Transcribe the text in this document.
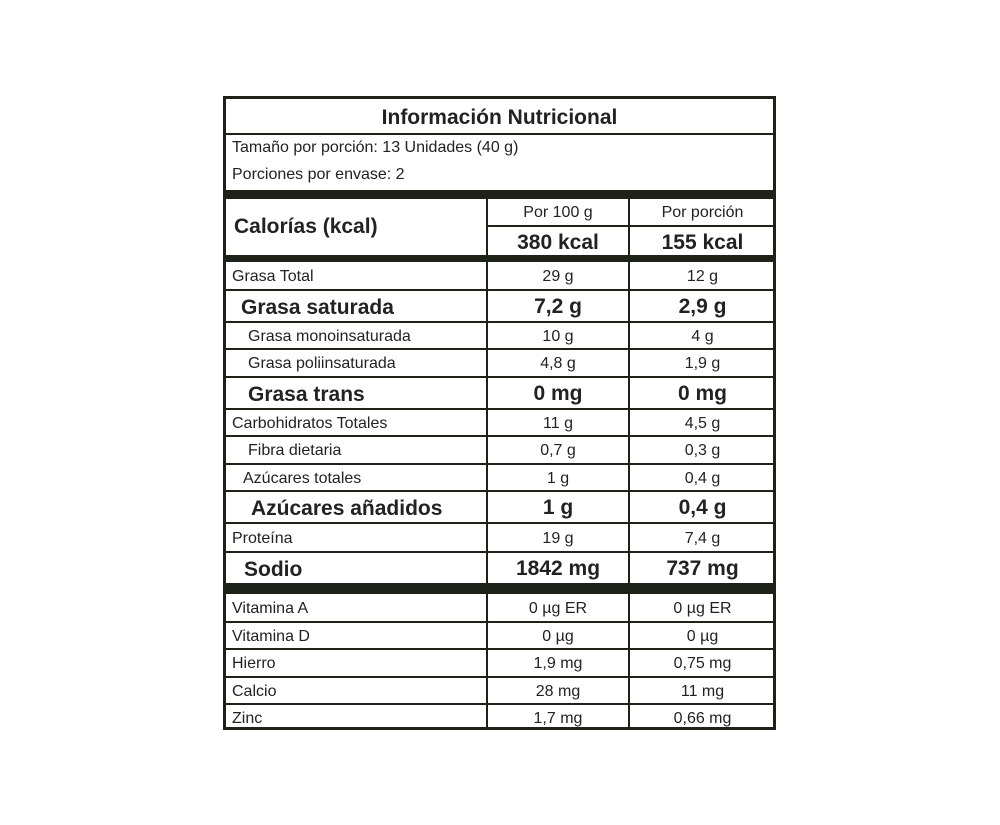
Información Nutricional
Tamaño por porción: 13 Unidades (40 g)
Porciones por envase: 2
Calorías (kcal)
Por 100 g	Por porción
380 kcal	155 kcal
Grasa Total	29 g	12 g
Grasa saturada	7,2 g	2,9 g
Grasa monoinsaturada	10 g	4 g
Grasa poliinsaturada	4,8 g	1,9 g
Grasa trans	0 mg	0 mg
Carbohidratos Totales	11 g	4,5 g
Fibra dietaria	0,7 g	0,3 g
Azúcares totales	1 g	0,4 g
Azúcares añadidos	1 g	0,4 g
Proteína	19 g	7,4 g
Sodio	1842 mg	737 mg
Vitamina A	0 µg ER	0 µg ER
Vitamina D	0 µg	0 µg
Hierro	1,9 mg	0,75 mg
Calcio	28 mg	11 mg
Zinc	1,7 mg	0,66 mg
